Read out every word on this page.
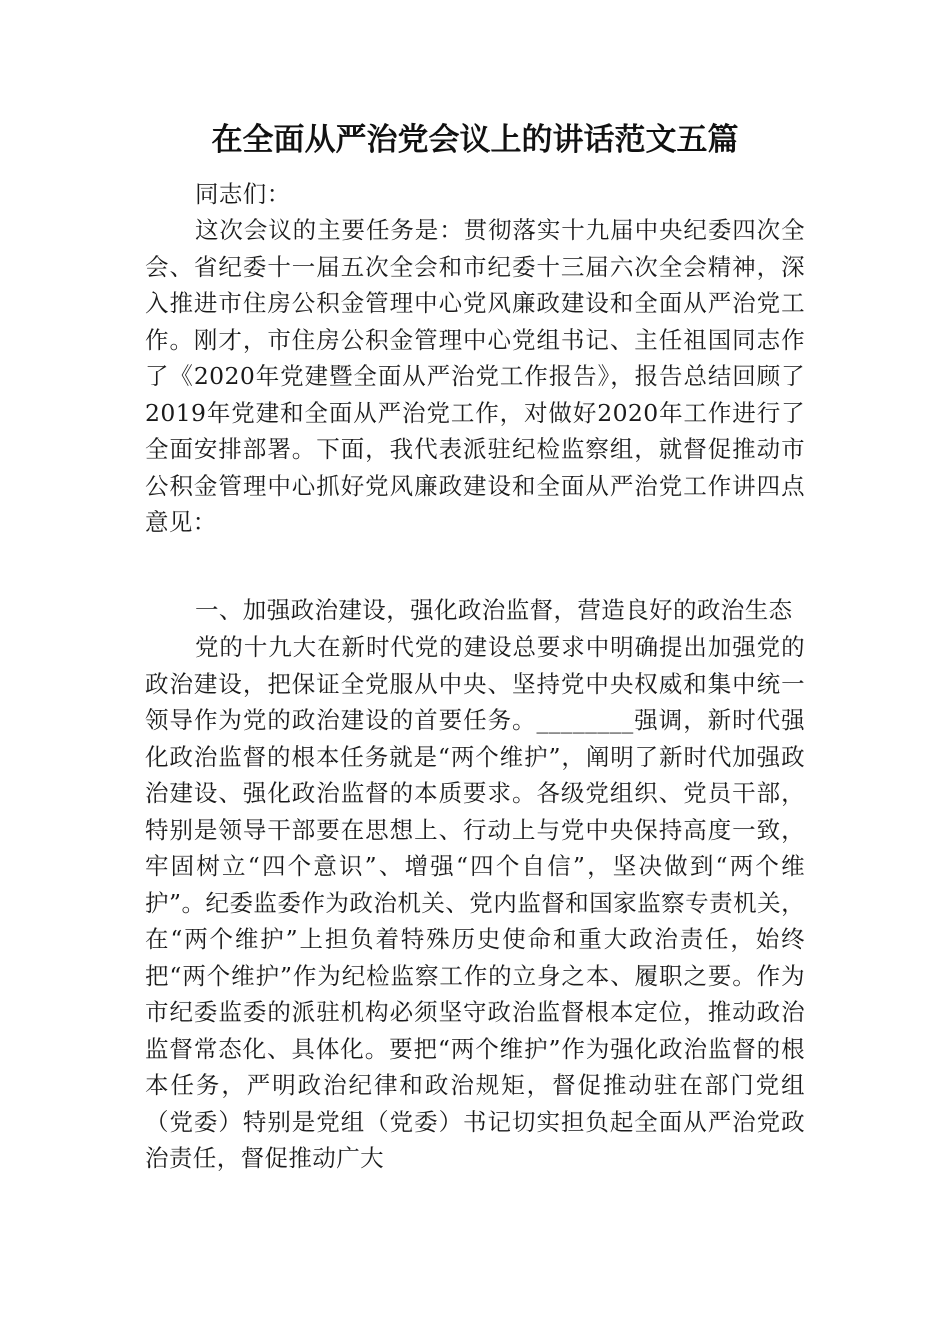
在全面从严治党会议上的讲话范文五篇

同志们：

这次会议的主要任务是：贯彻落实十九届中央纪委四次全会、省纪委十一届五次全会和市纪委十三届六次全会精神，深入推进市住房公积金管理中心党风廉政建设和全面从严治党工作。刚才，市住房公积金管理中心党组书记、主任祖国同志作了《2020年党建暨全面从严治党工作报告》，报告总结回顾了2019年党建和全面从严治党工作，对做好2020年工作进行了全面安排部署。下面，我代表派驻纪检监察组，就督促推动市公积金管理中心抓好党风廉政建设和全面从严治党工作讲四点意见：

一、加强政治建设，强化政治监督，营造良好的政治生态

党的十九大在新时代党的建设总要求中明确提出加强党的政治建设，把保证全党服从中央、坚持党中央权威和集中统一领导作为党的政治建设的首要任务。________强调，新时代强化政治监督的根本任务就是“两个维护”，阐明了新时代加强政治建设、强化政治监督的本质要求。各级党组织、党员干部，特别是领导干部要在思想上、行动上与党中央保持高度一致，牢固树立“四个意识”、增强“四个自信”，坚决做到“两个维护”。纪委监委作为政治机关、党内监督和国家监察专责机关，在“两个维护”上担负着特殊历史使命和重大政治责任，始终把“两个维护”作为纪检监察工作的立身之本、履职之要。作为市纪委监委的派驻机构必须坚守政治监督根本定位，推动政治监督常态化、具体化。要把“两个维护”作为强化政治监督的根本任务，严明政治纪律和政治规矩，督促推动驻在部门党组（党委）特别是党组（党委）书记切实担负起全面从严治党政治责任，督促推动广大
